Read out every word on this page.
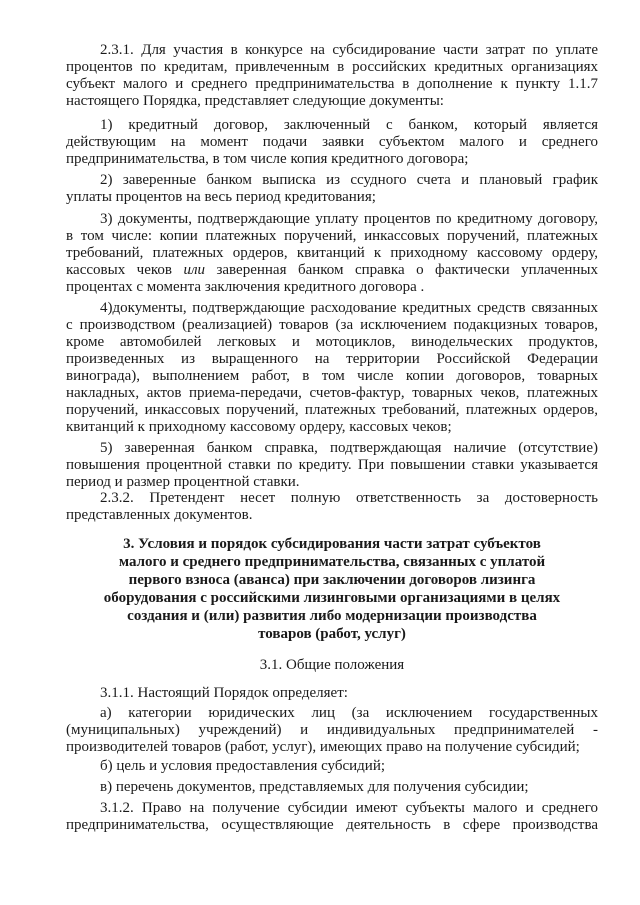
2.3.1. Для участия в конкурсе на субсидирование части затрат по уплате
процентов по кредитам, привлеченным в российских кредитных организациях
субъект малого и среднего предпринимательства в дополнение к пункту 1.1.7
настоящего Порядка, представляет следующие документы:
1) кредитный договор, заключенный с банком, который является
действующим на момент подачи заявки субъектом малого и среднего
предпринимательства, в том числе копия кредитного договора;
2) заверенные банком выписка из ссудного счета и плановый график
уплаты процентов на весь период кредитования;
3) документы, подтверждающие уплату процентов по кредитному договору,
в том числе: копии платежных поручений, инкассовых поручений, платежных
требований, платежных ордеров, квитанций к приходному кассовому ордеру,
кассовых чеков или заверенная банком справка о фактически уплаченных
процентах с момента заключения кредитного договора .
4)документы, подтверждающие расходование кредитных средств связанных
с производством (реализацией) товаров (за исключением подакцизных товаров,
кроме автомобилей легковых и мотоциклов, винодельческих продуктов,
произведенных из выращенного на территории Российской Федерации
винограда), выполнением работ, в том числе копии договоров, товарных
накладных, актов приема-передачи, счетов-фактур, товарных чеков, платежных
поручений, инкассовых поручений, платежных требований, платежных ордеров,
квитанций к приходному кассовому ордеру, кассовых чеков;
5) заверенная банком справка, подтверждающая наличие (отсутствие)
повышения процентной ставки по кредиту. При повышении ставки указывается
период и размер процентной ставки.
2.3.2. Претендент несет полную ответственность за достоверность
представленных документов.
3. Условия и порядок субсидирования части затрат субъектов
малого и среднего предпринимательства, связанных с уплатой
первого взноса (аванса) при заключении договоров лизинга
оборудования с российскими лизинговыми организациями в целях
создания и (или) развития либо модернизации производства
товаров (работ, услуг)
3.1. Общие положения
3.1.1. Настоящий Порядок определяет:
а) категории юридических лиц (за исключением государственных
(муниципальных) учреждений) и индивидуальных предпринимателей -
производителей товаров (работ, услуг), имеющих право на получение субсидий;
б) цель и условия предоставления субсидий;
в) перечень документов, представляемых для получения субсидии;
3.1.2. Право на получение субсидии имеют субъекты малого и среднего
предпринимательства, осуществляющие деятельность в сфере производства
